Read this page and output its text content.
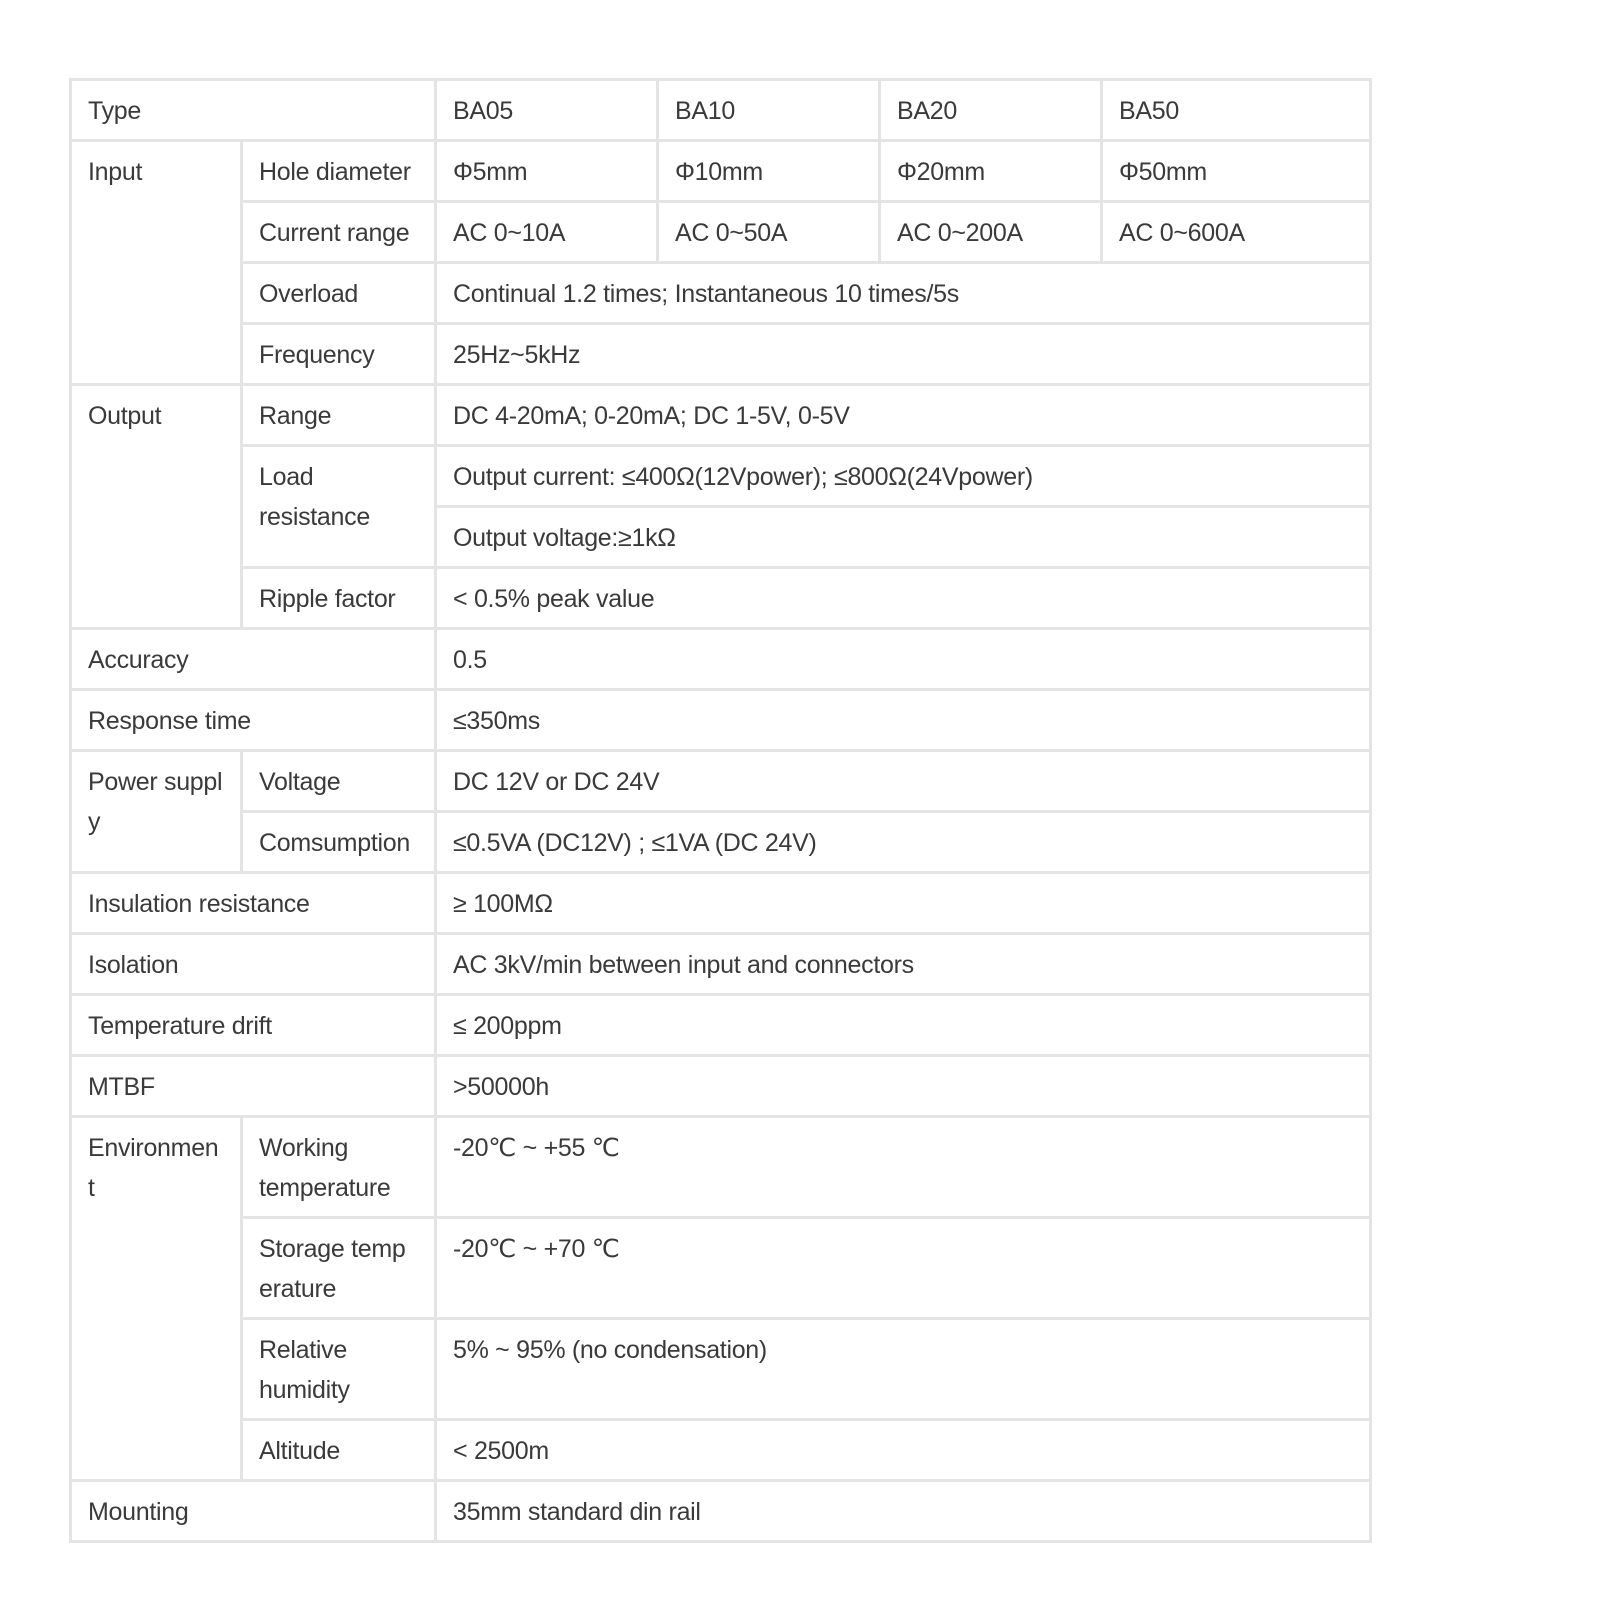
Type		BA05	BA10	BA20	BA50
Input	Hole diameter	Φ5mm	Φ10mm	Φ20mm	Φ50mm
	Current range	AC 0~10A	AC 0~50A	AC 0~200A	AC 0~600A
	Overload	Continual 1.2 times; Instantaneous 10 times/5s			
	Frequency	25Hz~5kHz			
Output	Range	DC 4-20mA; 0-20mA; DC 1-5V, 0-5V			
	Load resistance	Output current: ≤400Ω(12Vpower); ≤800Ω(24Vpower)			
		Output voltage:≥1kΩ			
	Ripple factor	< 0.5% peak value			
Accuracy		0.5			
Response time		≤350ms			
Power supply	Voltage	DC 12V or DC 24V			
	Comsumption	≤0.5VA (DC12V) ; ≤1VA (DC 24V)			
Insulation resistance		≥ 100MΩ			
Isolation		AC 3kV/min between input and connectors			
Temperature drift		≤ 200ppm			
MTBF		>50000h			
Environment	Working temperature	-20℃ ~ +55 ℃			
	Storage temperature	-20℃ ~ +70 ℃			
	Relative humidity	5% ~ 95% (no condensation)			
	Altitude	< 2500m			
Mounting		35mm standard din rail			
